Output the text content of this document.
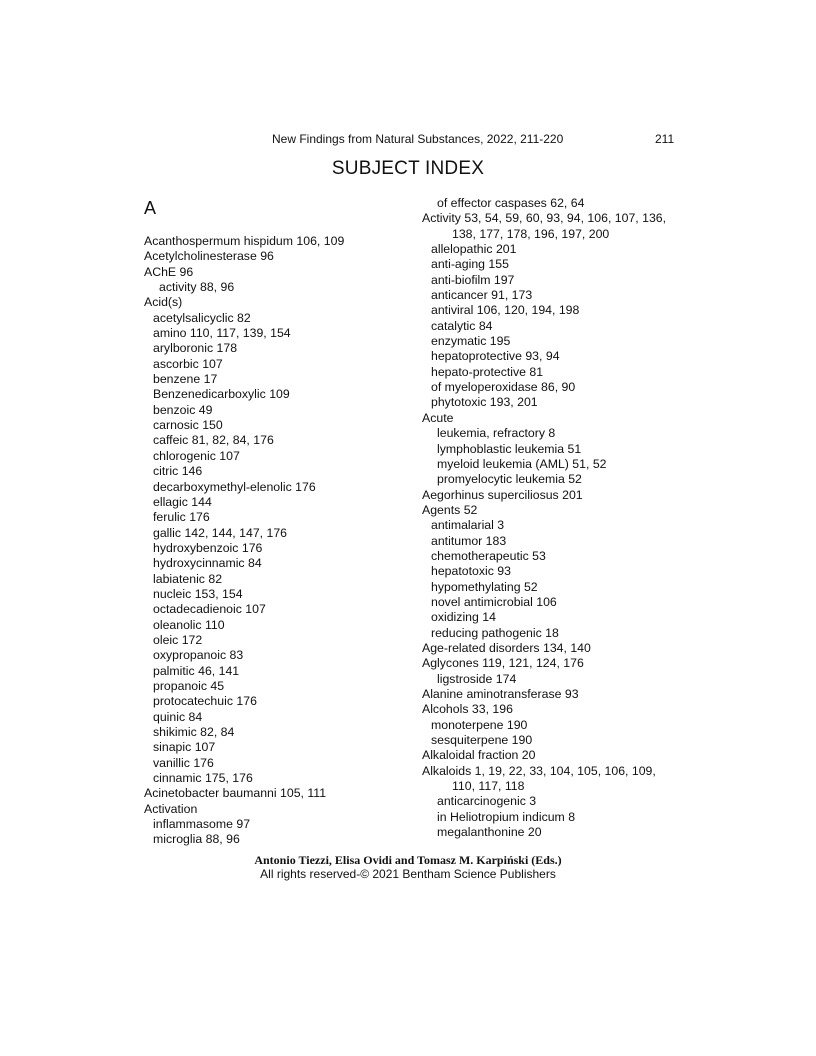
New Findings from Natural Substances, 2022, 211-220	211
SUBJECT INDEX
A
Acanthospermum hispidum 106, 109
Acetylcholinesterase 96
AChE 96
activity 88, 96
Acid(s)
acetylsalicyclic 82
amino 110, 117, 139, 154
arylboronic 178
ascorbic 107
benzene 17
Benzenedicarboxylic 109
benzoic 49
carnosic 150
caffeic 81, 82, 84, 176
chlorogenic 107
citric 146
decarboxymethyl-elenolic 176
ellagic 144
ferulic 176
gallic 142, 144, 147, 176
hydroxybenzoic 176
hydroxycinnamic 84
labiatenic 82
nucleic 153, 154
octadecadienoic 107
oleanolic 110
oleic 172
oxypropanoic 83
palmitic 46, 141
propanoic 45
protocatechuic 176
quinic 84
shikimic 82, 84
sinapic 107
vanillic 176
cinnamic 175, 176
Acinetobacter baumanni 105, 111
Activation
inflammasome 97
microglia 88, 96
of effector caspases 62, 64
Activity 53, 54, 59, 60, 93, 94, 106, 107, 136,
138, 177, 178, 196, 197, 200
allelopathic 201
anti-aging 155
anti-biofilm 197
anticancer 91, 173
antiviral 106, 120, 194, 198
catalytic 84
enzymatic 195
hepatoprotective 93, 94
hepato-protective 81
of myeloperoxidase 86, 90
phytotoxic 193, 201
Acute
leukemia, refractory 8
lymphoblastic leukemia 51
myeloid leukemia (AML) 51, 52
promyelocytic leukemia 52
Aegorhinus superciliosus 201
Agents 52
antimalarial 3
antitumor 183
chemotherapeutic 53
hepatotoxic 93
hypomethylating 52
novel antimicrobial 106
oxidizing 14
reducing pathogenic 18
Age-related disorders 134, 140
Aglycones 119, 121, 124, 176
ligstroside 174
Alanine aminotransferase 93
Alcohols 33, 196
monoterpene 190
sesquiterpene 190
Alkaloidal fraction 20
Alkaloids 1, 19, 22, 33, 104, 105, 106, 109,
110, 117, 118
anticarcinogenic 3
in Heliotropium indicum 8
megalanthonine 20
Antonio Tiezzi, Elisa Ovidi and Tomasz M. Karpiński (Eds.)
All rights reserved-© 2021 Bentham Science Publishers
